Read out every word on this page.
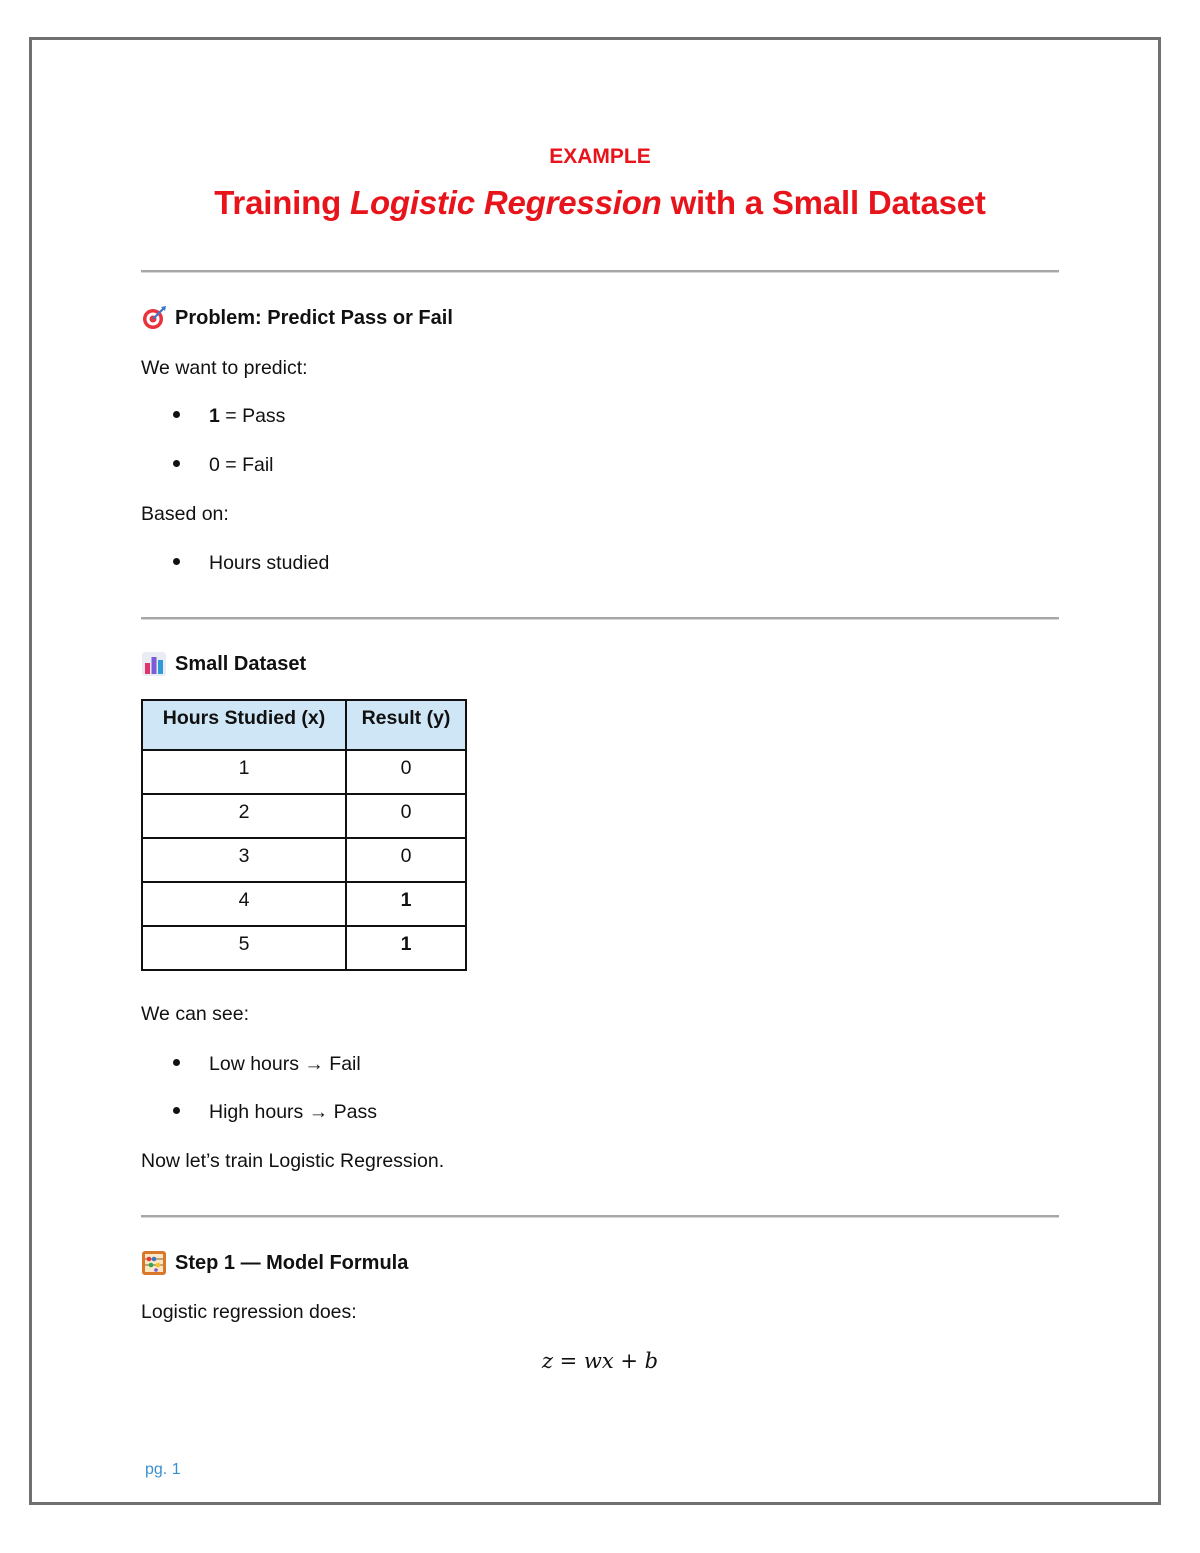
EXAMPLE
Training Logistic Regression with a Small Dataset
Problem: Predict Pass or Fail
We want to predict:
1 = Pass
0 = Fail
Based on:
Hours studied
Small Dataset
Hours Studied (x)	Result (y)
1	0
2	0
3	0
4	1
5	1
We can see:
Low hours → Fail
High hours → Pass
Now let’s train Logistic Regression.
Step 1 — Model Formula
Logistic regression does:
z = wx + b
pg. 1
